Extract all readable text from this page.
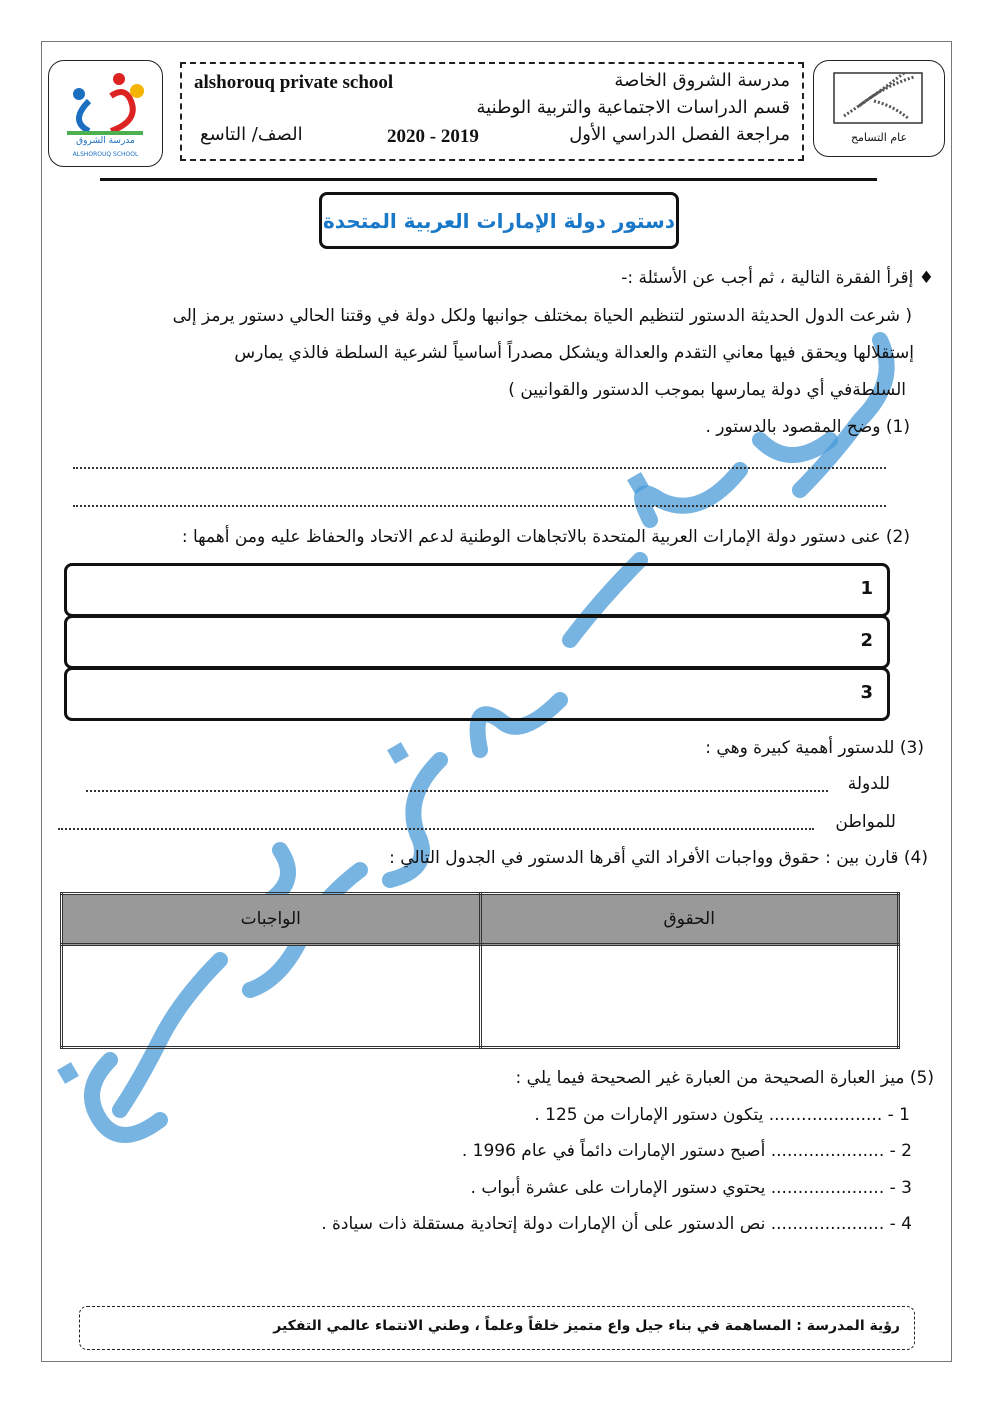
مدرسة الشروق
ALSHOROUQ SCHOOL
alshorouq private school	مدرسة الشروق الخاصة
قسم الدراسات الاجتماعية والتربية الوطنية
مراجعة الفصل الدراسي الأول
2020 - 2019
الصف/ التاسع	عام التسامح
دستور دولة الإمارات العربية المتحدة
♦ إقرأ الفقرة التالية ، ثم أجب عن الأسئلة :-
( شرعت الدول الحديثة الدستور لتنظيم الحياة بمختلف جوانبها ولكل دولة في وقتنا الحالي دستور يرمز إلى
إستقلالها ويحقق فيها معاني التقدم والعدالة ويشكل مصدراً أساسياً لشرعية السلطة فالذي يمارس
السلطةفي أي دولة يمارسها بموجب الدستور والقوانيين )
(1) وضح المقصود بالدستور .
(2) عنى دستور دولة الإمارات العربية المتحدة بالاتجاهات الوطنية لدعم الاتحاد والحفاظ عليه ومن أهمها :
1
2
3
(3) للدستور أهمية كبيرة وهي :
للدولة
للمواطن
(4) قارن بين : حقوق وواجبات الأفراد التي أقرها الدستور في الجدول التالي :
الواجبات	الحقوق

(5) ميز العبارة الصحيحة من العبارة غير الصحيحة فيما يلي :
1 - ..................... يتكون دستور الإمارات من 125 .
2 - ..................... أصبح دستور الإمارات دائماً في عام 1996 .
3 - ..................... يحتوي دستور الإمارات على عشرة أبواب .
4 - ..................... نص الدستور على أن الإمارات دولة إتحادية مستقلة ذات سيادة .
رؤية المدرسة : المساهمة في بناء جيل واع متميز خلقاً وعلماً ، وطني الانتماء عالمي التفكير
